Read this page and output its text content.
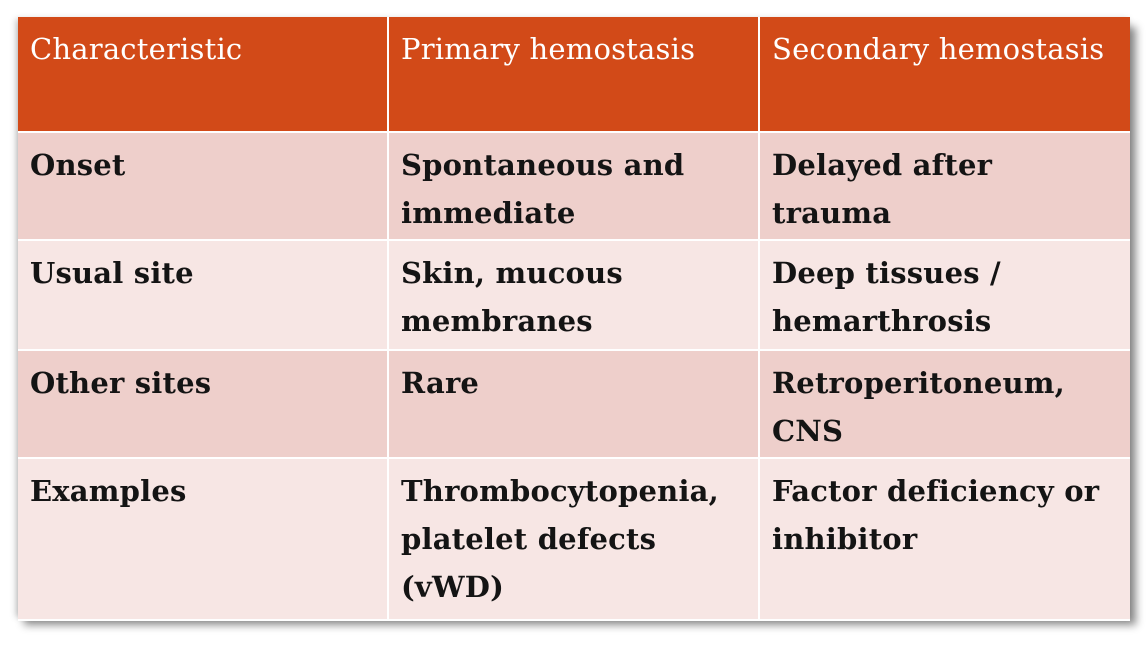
Characteristic	Primary hemostasis	Secondary hemostasis
Onset	Spontaneous and immediate	Delayed after trauma
Usual site	Skin, mucous membranes	Deep tissues / hemarthrosis
Other sites	Rare	Retroperitoneum, CNS
Examples	Thrombocytopenia, platelet defects (vWD)	Factor deficiency or inhibitor
